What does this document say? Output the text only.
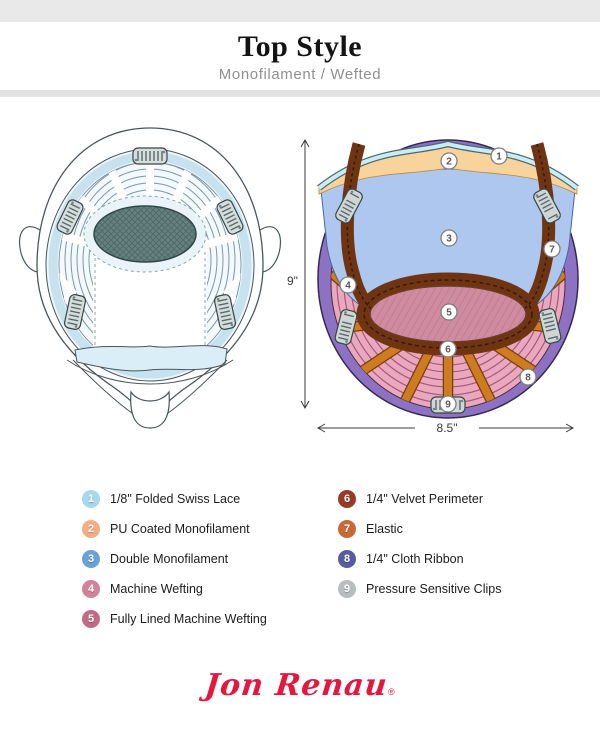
Top Style
Monofilament / Wefted
1
2
3
4
5
6
7
8
9
9"
8.5"
1	1/8" Folded Swiss Lace
2	PU Coated Monofilament
3	Double Monofilament
4	Machine Wefting
5	Fully Lined Machine Wefting
6	1/4" Velvet Perimeter
7	Elastic
8	1/4" Cloth Ribbon
9	Pressure Sensitive Clips
Jon Renau®
